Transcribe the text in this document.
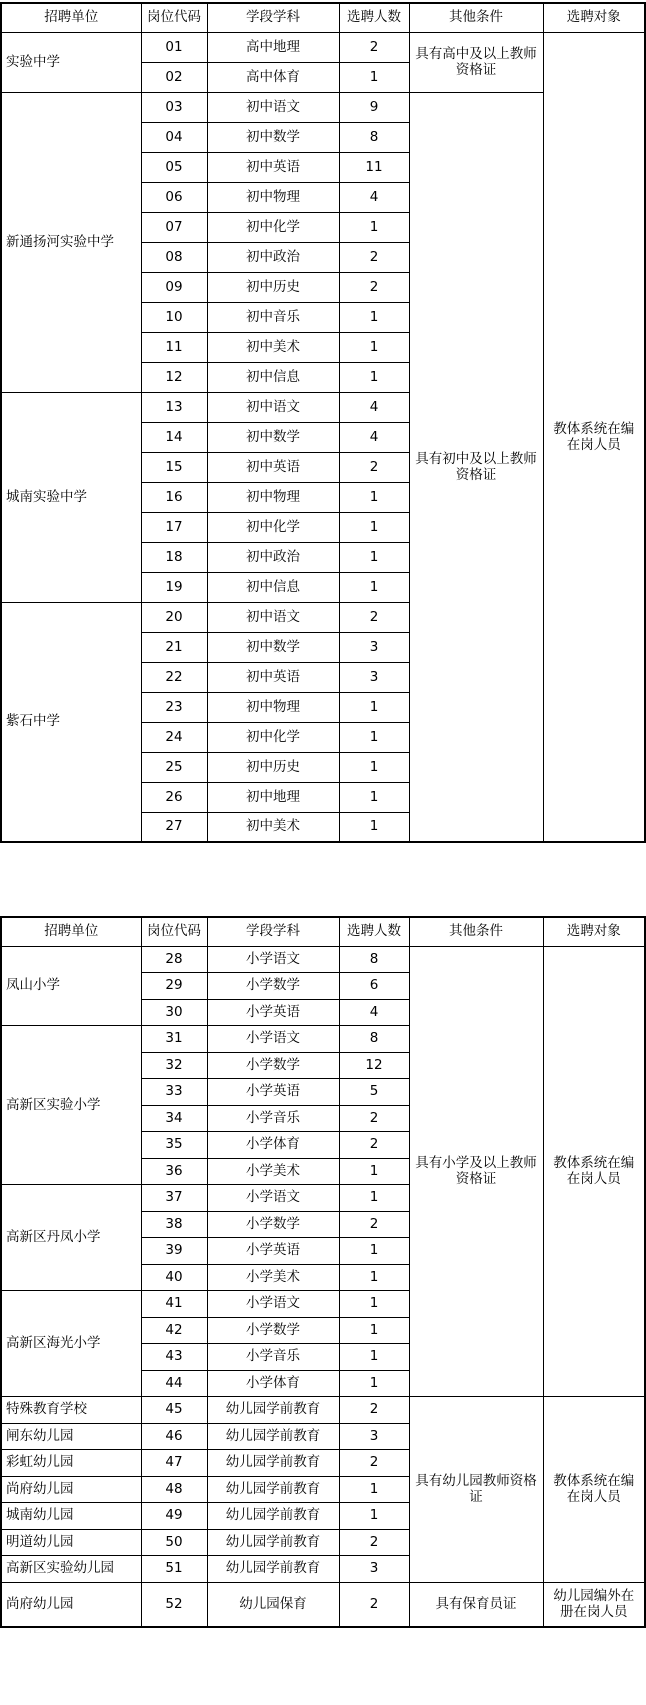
招聘单位	岗位代码	学段学科	选聘人数	其他条件	选聘对象
实验中学	01	高中地理	2	具有高中及以上教师资格证	教体系统在编在岗人员
	02	高中体育	1		
新通扬河实验中学	03	初中语文	9	具有初中及以上教师资格证	
	04	初中数学	8		
	05	初中英语	11		
	06	初中物理	4		
	07	初中化学	1		
	08	初中政治	2		
	09	初中历史	2		
	10	初中音乐	1		
	11	初中美术	1		
	12	初中信息	1		
城南实验中学	13	初中语文	4		
	14	初中数学	4		
	15	初中英语	2		
	16	初中物理	1		
	17	初中化学	1		
	18	初中政治	1		
	19	初中信息	1		
紫石中学	20	初中语文	2		
	21	初中数学	3		
	22	初中英语	3		
	23	初中物理	1		
	24	初中化学	1		
	25	初中历史	1		
	26	初中地理	1		
	27	初中美术	1		
招聘单位	岗位代码	学段学科	选聘人数	其他条件	选聘对象
凤山小学	28	小学语文	8	具有小学及以上教师资格证	教体系统在编在岗人员
	29	小学数学	6		
	30	小学英语	4		
高新区实验小学	31	小学语文	8		
	32	小学数学	12		
	33	小学英语	5		
	34	小学音乐	2		
	35	小学体育	2		
	36	小学美术	1		
高新区丹凤小学	37	小学语文	1		
	38	小学数学	2		
	39	小学英语	1		
	40	小学美术	1		
高新区海光小学	41	小学语文	1		
	42	小学数学	1		
	43	小学音乐	1		
	44	小学体育	1		
特殊教育学校	45	幼儿园学前教育	2	具有幼儿园教师资格证	教体系统在编在岗人员
闸东幼儿园	46	幼儿园学前教育	3		
彩虹幼儿园	47	幼儿园学前教育	2		
尚府幼儿园	48	幼儿园学前教育	1		
城南幼儿园	49	幼儿园学前教育	1		
明道幼儿园	50	幼儿园学前教育	2		
高新区实验幼儿园	51	幼儿园学前教育	3		
尚府幼儿园	52	幼儿园保育	2	具有保育员证	幼儿园编外在册在岗人员
